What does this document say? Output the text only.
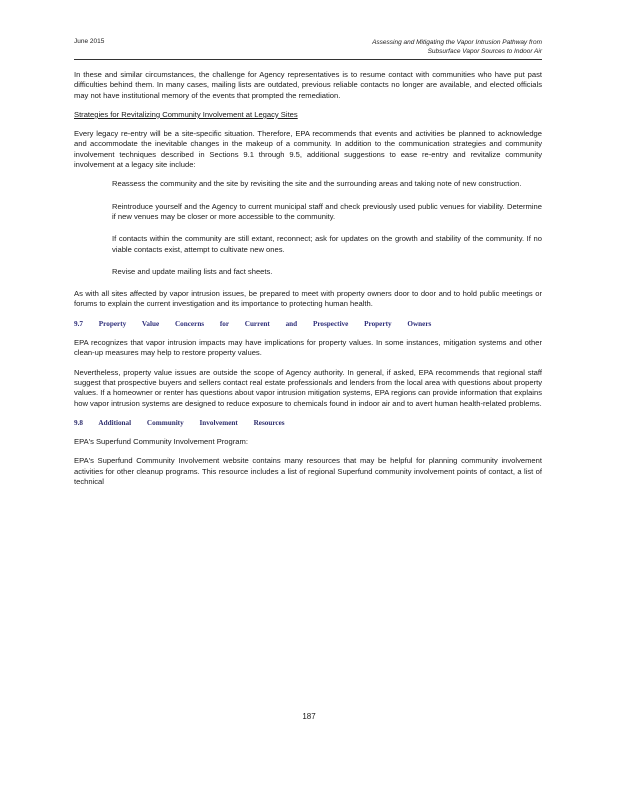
June 2015	Assessing and Mitigating the Vapor Intrusion Pathway from
Subsurface Vapor Sources to Indoor Air

In these and similar circumstances, the challenge for Agency representatives is to resume contact with communities who have put past difficulties behind them. In many cases, mailing lists are outdated, previous reliable contacts no longer are available, and elected officials may not have institutional memory of the events that prompted the remediation.

Strategies for Revitalizing Community Involvement at Legacy Sites

Every legacy re-entry will be a site-specific situation. Therefore, EPA recommends that events and activities be planned to acknowledge and accommodate the inevitable changes in the makeup of a community. In addition to the communication strategies and community involvement techniques described in Sections 9.1 through 9.5, additional suggestions to ease re-entry and revitalize community involvement at a legacy site include:

Reassess the community and the site by revisiting the site and the surrounding areas and taking note of new construction.
Reintroduce yourself and the Agency to current municipal staff and check previously used public venues for viability. Determine if new venues may be closer or more accessible to the community.
If contacts within the community are still extant, reconnect; ask for updates on the growth and stability of the community. If no viable contacts exist, attempt to cultivate new ones.
Revise and update mailing lists and fact sheets.

As with all sites affected by vapor intrusion issues, be prepared to meet with property owners door to door and to hold public meetings or forums to explain the current investigation and its importance to protecting human health.

9.7 Property Value Concerns for Current and Prospective Property Owners

EPA recognizes that vapor intrusion impacts may have implications for property values. In some instances, mitigation systems and other clean-up measures may help to restore property values.

Nevertheless, property value issues are outside the scope of Agency authority. In general, if asked, EPA recommends that regional staff suggest that prospective buyers and sellers contact real estate professionals and lenders from the local area with questions about property values. If a homeowner or renter has questions about vapor intrusion mitigation systems, EPA regions can provide information that explains how vapor intrusion systems are designed to reduce exposure to chemicals found in indoor air and to avert human health-related problems.

9.8 Additional Community Involvement Resources

EPA's Superfund Community Involvement Program:

EPA's Superfund Community Involvement website contains many resources that may be helpful for planning community involvement activities for other cleanup programs. This resource includes a list of regional Superfund community involvement points of contact, a list of technical

187
